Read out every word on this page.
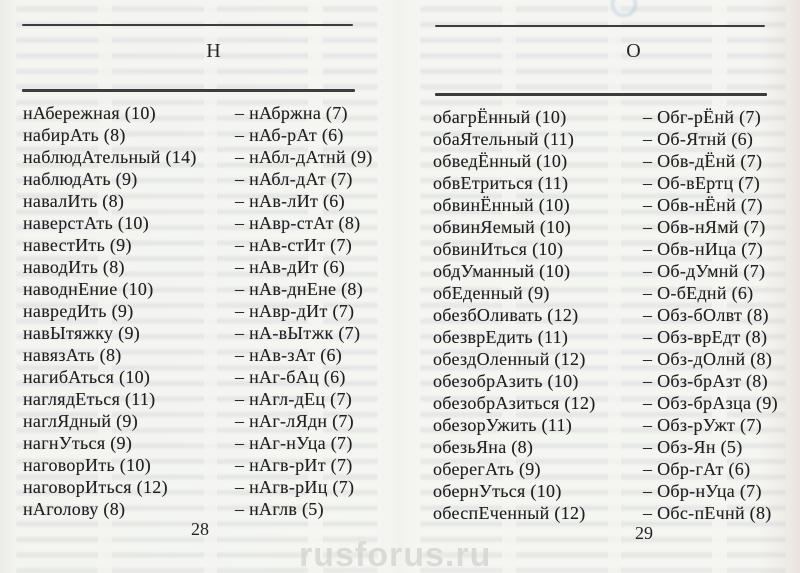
Н
нАбережная (10)	– нАбржна (7)
набирАть (8)	– нАб-рАт (6)
наблюдАтельный (14) – нАбл-дАтнй (9)
наблюдАть (9)	– нАбл-дАт (7)
навалИть (8)	– нАв-лИт (6)
наверстАть (10)	– нАвр-стАт (8)
навестИть (9)	– нАв-стИт (7)
наводИть (8)	– нАв-дИт (6)
наводнЕние (10)	– нАв-днЕне (8)
навредИть (9)	– нАвр-дИт (7)
навЫтяжку (9)	– нА-вЫтжк (7)
навязАть (8)	– нАв-зАт (6)
нагибАться (10)	– нАг-бАц (6)
наглядЕться (11)	– нАгл-дЕц (7)
наглЯдный (9)	– нАг-лЯдн (7)
нагнУться (9)	– нАг-нУца (7)
наговорИть (10)	– нАгв-рИт (7)
наговорИться (12)	– нАгв-рИц (7)
нАголову (8)	– нАглв (5)
28
О
обагрЁнный (10)	– Обг-рЁнй (7)
обаЯтельный (11)	– Об-Ятнй (6)
обведЁнный (10)	– Обв-дЁнй (7)
обвЕтриться (11)	– Об-вЕртц (7)
обвинЁнный (10)	– Обв-нЁнй (7)
обвинЯемый (10)	– Обв-нЯмй (7)
обвинИться (10)	– Обв-нИца (7)
обдУманный (10)	– Об-дУмнй (7)
обЕденный (9)	– О-бЕднй (6)
обезбОливать (12)	– Обз-бОлвт (8)
обезврЕдить (11)	– Обз-врЕдт (8)
обездОленный (12)	– Обз-дОлнй (8)
обезобрАзить (10)	– Обз-брАзт (8)
обезобрАзиться (12)	– Обз-брАзца (9)
обезорУжить (11)	– Обз-рУжт (7)
обезьЯна (8)	– Обз-Ян (5)
оберегАть (9)	– Обр-гАт (6)
обернУться (10)	– Обр-нУца (7)
обеспЕченный (12)	– Обс-пЕчнй (8)
29
rusforus.ru
